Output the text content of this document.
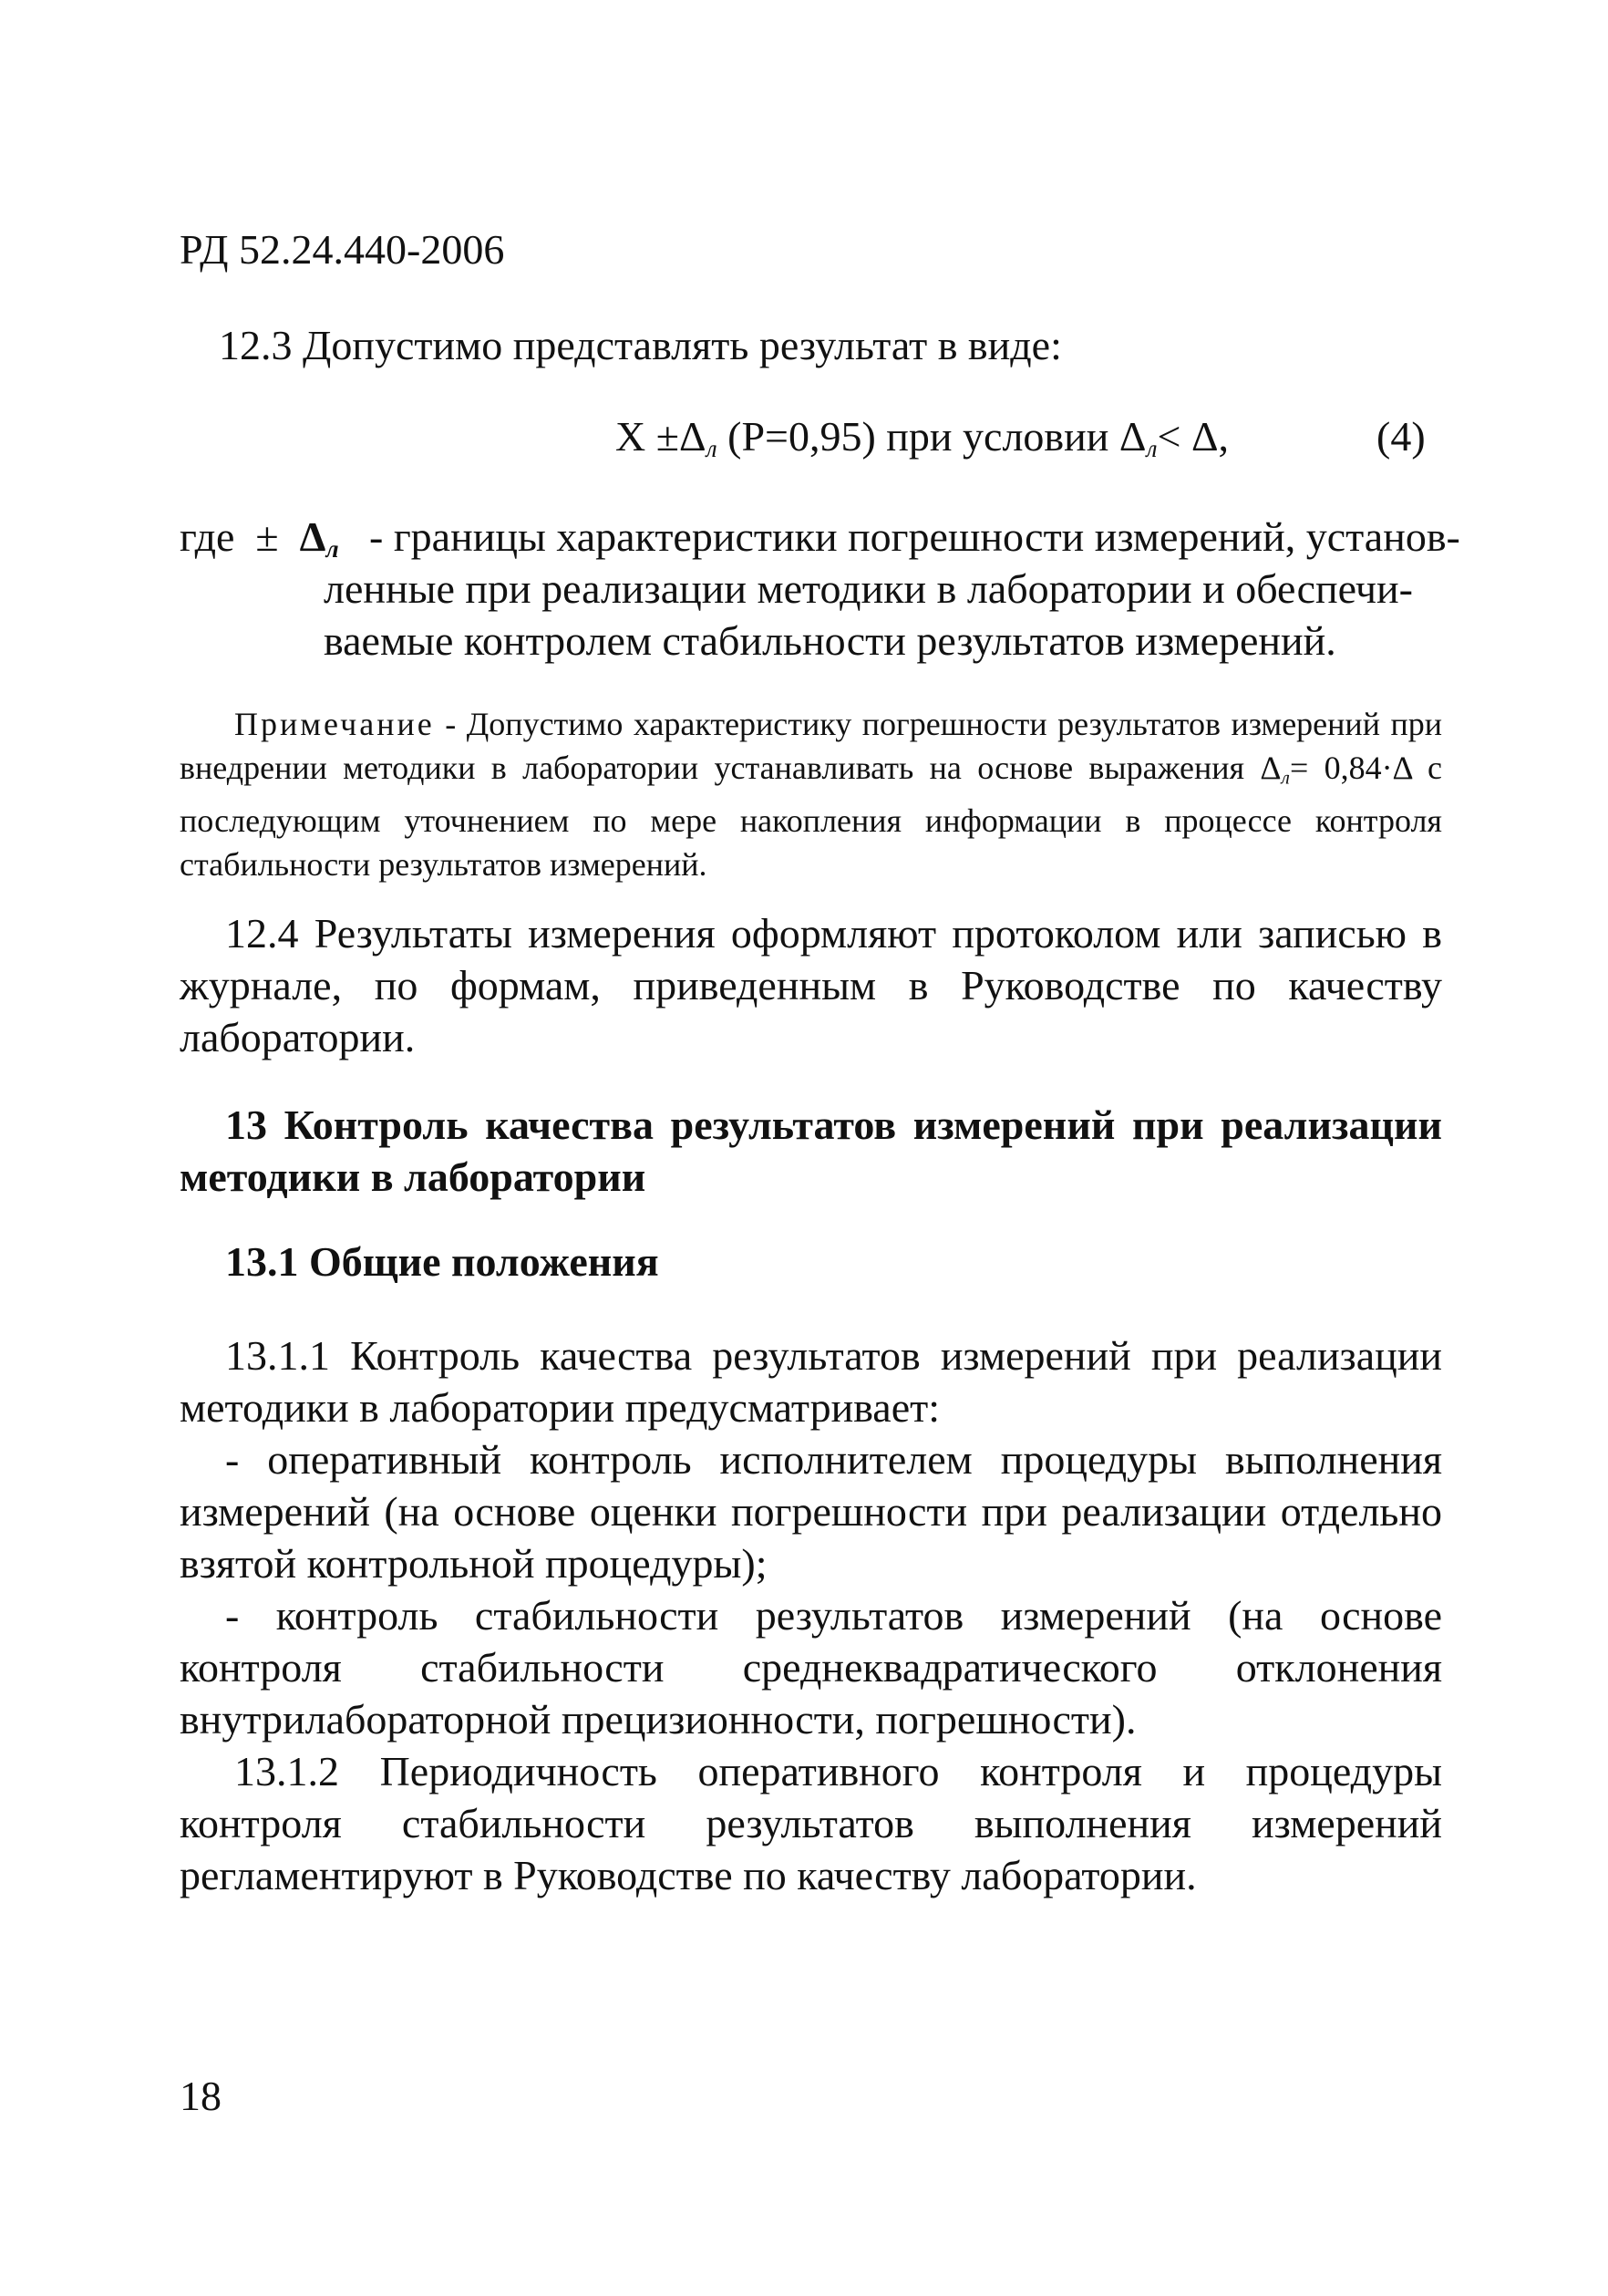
РД 52.24.440-2006
12.3 Допустимо представлять результат в виде:
$X \pm\Delta_л$ (P=0,95) при условии $\Delta_л< \Delta$,	(4)
где ± $\Delta_л$ - границы характеристики погрешности измерений, установ-
ленные при реализации методики в лаборатории и обеспечи-
ваемые контролем стабильности результатов измерений.
Примечание - Допустимо характеристику погрешности результатов измерений при внедрении методики в лаборатории устанавливать на основе выражения $\Delta_л= 0,84\cdot\Delta$ с последующим уточнением по мере накопления информации в процессе контроля стабильности результатов измерений.
12.4 Результаты измерения оформляют протоколом или записью в журнале, по формам, приведенным в Руководстве по качеству лаборатории.
13 Контроль качества результатов измерений при реализации методики в лаборатории
13.1 Общие положения
13.1.1 Контроль качества результатов измерений при реализации методики в лаборатории предусматривает:
- оперативный контроль исполнителем процедуры выполнения измерений (на основе оценки погрешности при реализации отдельно взятой контрольной процедуры);
- контроль стабильности результатов измерений (на основе контроля стабильности среднеквадратического отклонения внутрилабораторной прецизионности, погрешности).
13.1.2 Периодичность оперативного контроля и процедуры контроля стабильности результатов выполнения измерений регламентируют в Руководстве по качеству лаборатории.
18
